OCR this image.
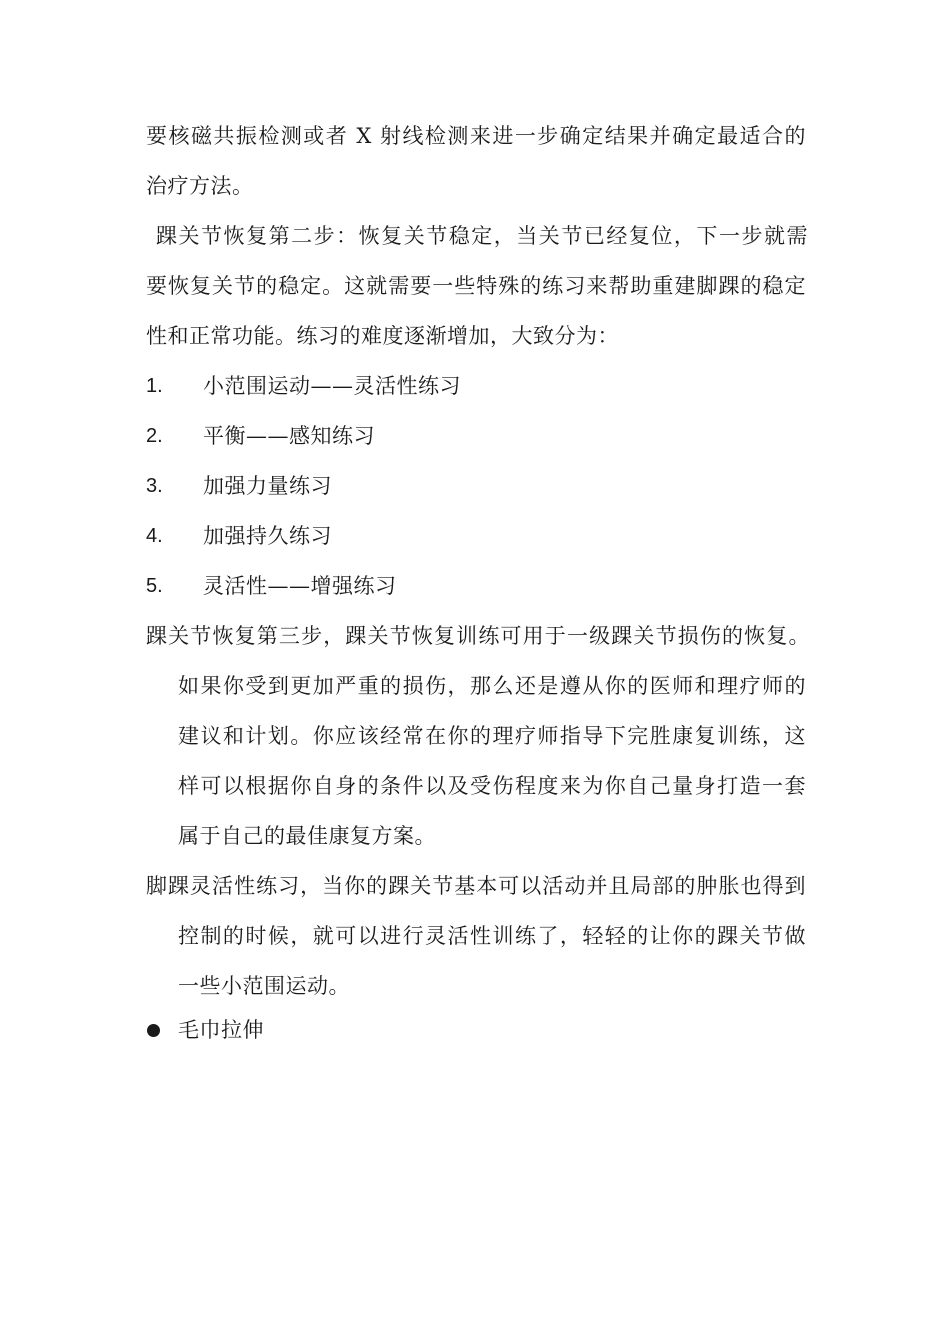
要核磁共振检测或者 X 射线检测来进一步确定结果并确定最适合的
治疗方法。
踝关节恢复第二步：恢复关节稳定，当关节已经复位，下一步就需
要恢复关节的稳定。这就需要一些特殊的练习来帮助重建脚踝的稳定
性和正常功能。练习的难度逐渐增加，大致分为：
1. 小范围运动——灵活性练习
2. 平衡——感知练习
3. 加强力量练习
4. 加强持久练习
5. 灵活性——增强练习
踝关节恢复第三步，踝关节恢复训练可用于一级踝关节损伤的恢复。
如果你受到更加严重的损伤，那么还是遵从你的医师和理疗师的
建议和计划。你应该经常在你的理疗师指导下完胜康复训练，这
样可以根据你自身的条件以及受伤程度来为你自己量身打造一套
属于自己的最佳康复方案。
脚踝灵活性练习，当你的踝关节基本可以活动并且局部的肿胀也得到
控制的时候，就可以进行灵活性训练了，轻轻的让你的踝关节做
一些小范围运动。
毛巾拉伸
